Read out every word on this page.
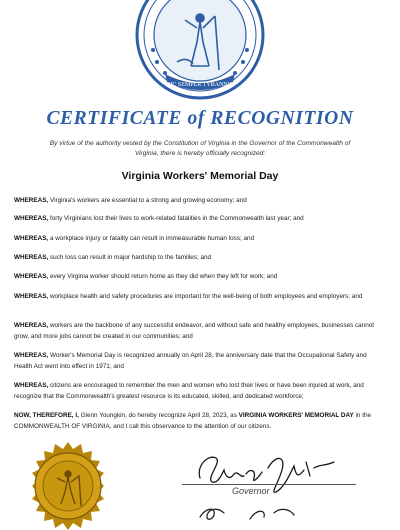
SIC SEMPER TYRANNIS
CERTIFICATE of RECOGNITION
By virtue of the authority vested by the Constitution of Virginia in the Governor of the Commonwealth of Virginia, there is hereby officially recognized:
Virginia Workers' Memorial Day
WHEREAS, Virginia's workers are essential to a strong and growing economy; and
WHEREAS, forty Virginians lost their lives to work-related fatalities in the Commonwealth last year; and
WHEREAS, a workplace injury or fatality can result in immeasurable human loss; and
WHEREAS, such loss can result in major hardship to the families; and
WHEREAS, every Virginia worker should return home as they did when they left for work; and
WHEREAS, workplace health and safety procedures are important for the well-being of both employees and employers; and
WHEREAS, workers are the backbone of any successful endeavor, and without safe and healthy employees, businesses cannot grow, and more jobs cannot be created in our communities; and
WHEREAS, Worker's Memorial Day is recognized annually on April 28, the anniversary date that the Occupational Safety and Health Act went into effect in 1971; and
WHEREAS, citizens are encouraged to remember the men and women who lost their lives or have been injured at work, and recognize that the Commonwealth's greatest resource is its educated, skilled, and dedicated workforce;
NOW, THEREFORE, I, Glenn Youngkin, do hereby recognize April 28, 2023, as VIRGINIA WORKERS' MEMORIAL DAY in the COMMONWEALTH OF VIRGINIA, and I call this observance to the attention of our citizens.
Governor
